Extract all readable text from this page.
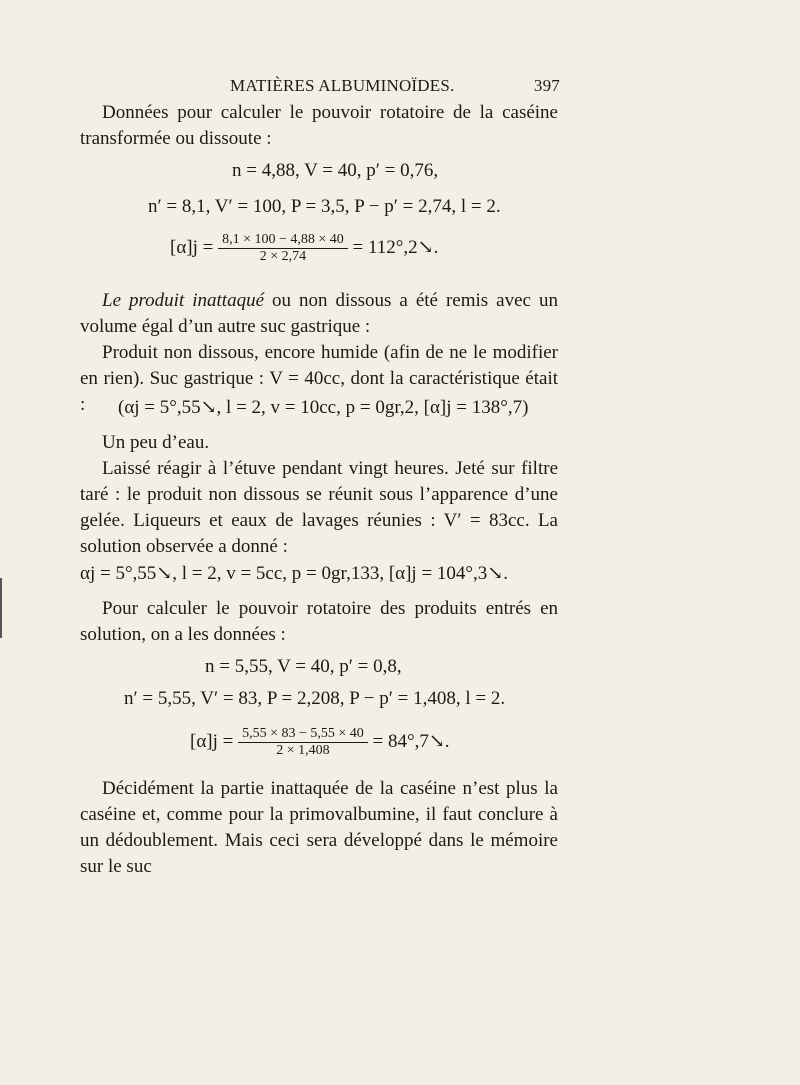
MATIÈRES ALBUMINOÏDES.	397

Données pour calculer le pouvoir rotatoire de la caséine transformée ou dissoute :

n = 4,88, V = 40, p′ = 0,76,
n′ = 8,1, V′ = 100, P = 3,5, P − p′ = 2,74, l = 2.
$[\alpha]j = \frac{8,1 \times 100 - 4,88 \times 40}{2 \times 2,74}$ = 112°,2↘.

Le produit inattaqué ou non dissous a été remis avec un volume égal d’un autre suc gastrique :

Produit non dissous, encore humide (afin de ne le modifier en rien). Suc gastrique : V = 40cc, dont la caractéristique était :	(αj = 5°,55↘, l = 2, v = 10cc, p = 0gr,2, [α]j = 138°,7)

Un peu d’eau.

Laissé réagir à l’étuve pendant vingt heures. Jeté sur filtre taré : le produit non dissous se réunit sous l’apparence d’une gelée. Liqueurs et eaux de lavages réunies : V′ = 83cc. La solution observée a donné :

αj = 5°,55↘, l = 2, v = 5cc, p = 0gr,133, [α]j = 104°,3↘.

Pour calculer le pouvoir rotatoire des produits entrés en solution, on a les données :

n = 5,55, V = 40, p′ = 0,8,
n′ = 5,55, V′ = 83, P = 2,208, P − p′ = 1,408, l = 2.
$[\alpha]j = \frac{5,55 \times 83 - 5,55 \times 40}{2 \times 1,408}$ = 84°,7↘.

Décidément la partie inattaquée de la caséine n’est plus la caséine et, comme pour la primovalbumine, il faut conclure à un dédoublement. Mais ceci sera développé dans le mémoire sur le suc
